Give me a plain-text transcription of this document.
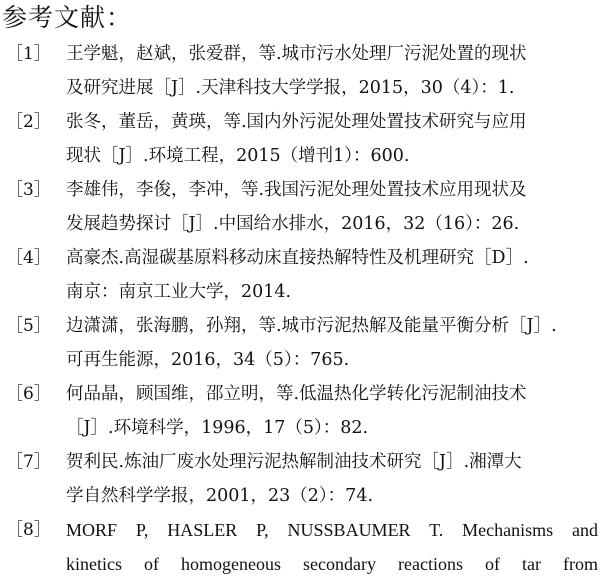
参考文献：
［1］ 王学魁，赵斌，张爱群，等.城市污水处理厂污泥处置的现状
及研究进展［J］.天津科技大学学报，2015，30（4）：1.
［2］ 张冬，董岳，黄瑛，等.国内外污泥处理处置技术研究与应用
现状［J］.环境工程，2015（增刊1）：600.
［3］ 李雄伟，李俊，李冲，等.我国污泥处理处置技术应用现状及
发展趋势探讨［J］.中国给水排水，2016，32（16）：26.
［4］ 高豪杰.高湿碳基原料移动床直接热解特性及机理研究［D］.
南京：南京工业大学，2014.
［5］ 边潇潇，张海鹏，孙翔，等.城市污泥热解及能量平衡分析［J］.
可再生能源，2016，34（5）：765.
［6］ 何品晶，顾国维，邵立明，等.低温热化学转化污泥制油技术
［J］.环境科学，1996，17（5）：82.
［7］ 贺利民.炼油厂废水处理污泥热解制油技术研究［J］.湘潭大
学自然科学学报，2001，23（2）：74.
［8］ MORF P, HASLER P, NUSSBAUMER T. Mechanisms and
kinetics of homogeneous secondary reactions of tar from
